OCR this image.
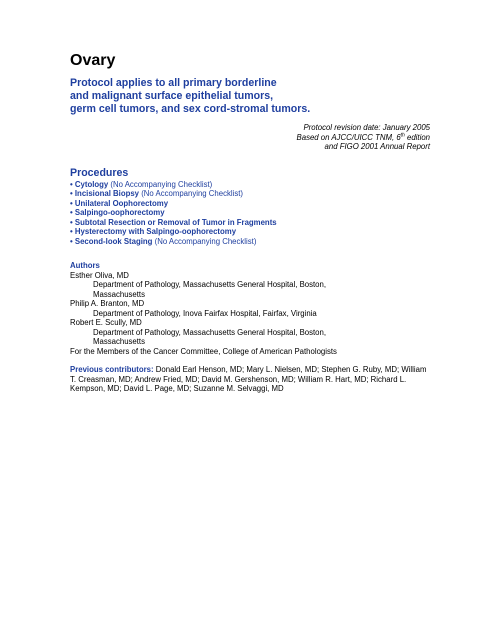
Ovary
Protocol applies to all primary borderline
and malignant surface epithelial tumors,
germ cell tumors, and sex cord-stromal tumors.
Protocol revision date: January 2005
Based on AJCC/UICC TNM, 6th edition
and FIGO 2001 Annual Report
Procedures
• Cytology (No Accompanying Checklist)
• Incisional Biopsy (No Accompanying Checklist)
• Unilateral Oophorectomy
• Salpingo-oophorectomy
• Subtotal Resection or Removal of Tumor in Fragments
• Hysterectomy with Salpingo-oophorectomy
• Second-look Staging (No Accompanying Checklist)
Authors
Esther Oliva, MD
Department of Pathology, Massachusetts General Hospital, Boston,
Massachusetts
Philip A. Branton, MD
Department of Pathology, Inova Fairfax Hospital, Fairfax, Virginia
Robert E. Scully, MD
Department of Pathology, Massachusetts General Hospital, Boston,
Massachusetts
For the Members of the Cancer Committee, College of American Pathologists
Previous contributors: Donald Earl Henson, MD; Mary L. Nielsen, MD; Stephen G. Ruby, MD; William T. Creasman, MD; Andrew Fried, MD; David M. Gershenson, MD; William R. Hart, MD; Richard L. Kempson, MD; David L. Page, MD; Suzanne M. Selvaggi, MD
